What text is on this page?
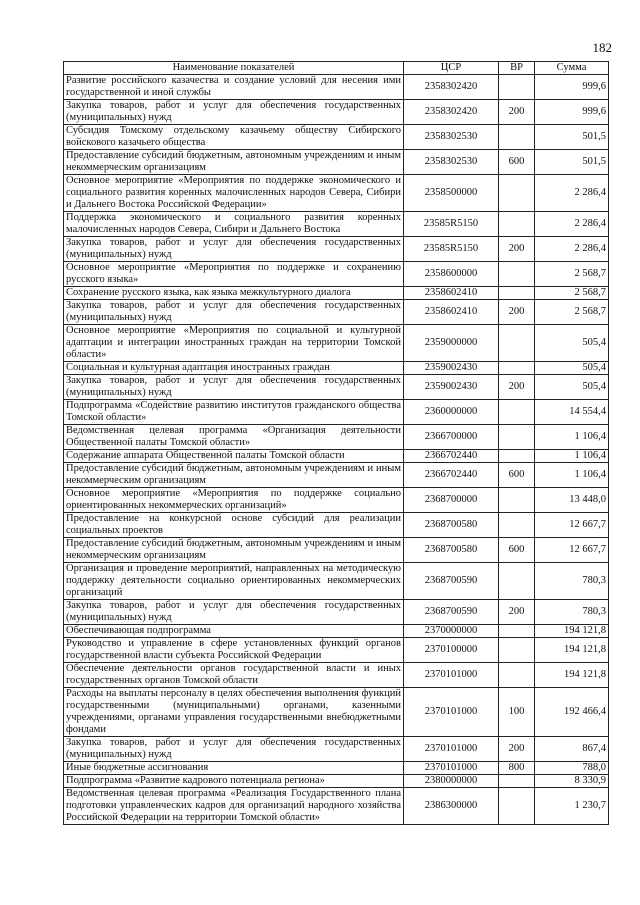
182
Наименование показателей	ЦСР	ВР	Сумма
Развитие российского казачества и создание условий для несения ими государственной и иной службы	2358302420		999,6
Закупка товаров, работ и услуг для обеспечения государственных (муниципальных) нужд	2358302420	200	999,6
Субсидия Томскому отдельскому казачьему обществу Сибирского войскового казачьего общества	2358302530		501,5
Предоставление субсидий бюджетным, автономным учреждениям и иным некоммерческим организациям	2358302530	600	501,5
Основное мероприятие «Мероприятия по поддержке экономического и социального развития коренных малочисленных народов Севера, Сибири и Дальнего Востока Российской Федерации»	2358500000		2 286,4
Поддержка экономического и социального развития коренных малочисленных народов Севера, Сибири и Дальнего Востока	23585R5150		2 286,4
Закупка товаров, работ и услуг для обеспечения государственных (муниципальных) нужд	23585R5150	200	2 286,4
Основное мероприятие «Мероприятия по поддержке и сохранению русского языка»	2358600000		2 568,7
Сохранение русского языка, как языка межкультурного диалога	2358602410		2 568,7
Закупка товаров, работ и услуг для обеспечения государственных (муниципальных) нужд	2358602410	200	2 568,7
Основное мероприятие «Мероприятия по социальной и культурной адаптации и интеграции иностранных граждан на территории Томской области»	2359000000		505,4
Социальная и культурная адаптация иностранных граждан	2359002430		505,4
Закупка товаров, работ и услуг для обеспечения государственных (муниципальных) нужд	2359002430	200	505,4
Подпрограмма «Содействие развитию институтов гражданского общества Томской области»	2360000000		14 554,4
Ведомственная целевая программа «Организация деятельности Общественной палаты Томской области»	2366700000		1 106,4
Содержание аппарата Общественной палаты Томской области	2366702440		1 106,4
Предоставление субсидий бюджетным, автономным учреждениям и иным некоммерческим организациям	2366702440	600	1 106,4
Основное мероприятие «Мероприятия по поддержке социально ориентированных некоммерческих организаций»	2368700000		13 448,0
Предоставление на конкурсной основе субсидий для реализации социальных проектов	2368700580		12 667,7
Предоставление субсидий бюджетным, автономным учреждениям и иным некоммерческим организациям	2368700580	600	12 667,7
Организация и проведение мероприятий, направленных на методическую поддержку деятельности социально ориентированных некоммерческих организаций	2368700590		780,3
Закупка товаров, работ и услуг для обеспечения государственных (муниципальных) нужд	2368700590	200	780,3
Обеспечивающая подпрограмма	2370000000		194 121,8
Руководство и управление в сфере установленных функций органов государственной власти субъекта Российской Федерации	2370100000		194 121,8
Обеспечение деятельности органов государственной власти и иных государственных органов Томской области	2370101000		194 121,8
Расходы на выплаты персоналу в целях обеспечения выполнения функций государственными (муниципальными) органами, казенными учреждениями, органами управления государственными внебюджетными фондами	2370101000	100	192 466,4
Закупка товаров, работ и услуг для обеспечения государственных (муниципальных) нужд	2370101000	200	867,4
Иные бюджетные ассигнования	2370101000	800	788,0
Подпрограмма «Развитие кадрового потенциала региона»	2380000000		8 330,9
Ведомственная целевая программа «Реализация Государственного плана подготовки управленческих кадров для организаций народного хозяйства Российской Федерации на территории Томской области»	2386300000		1 230,7
